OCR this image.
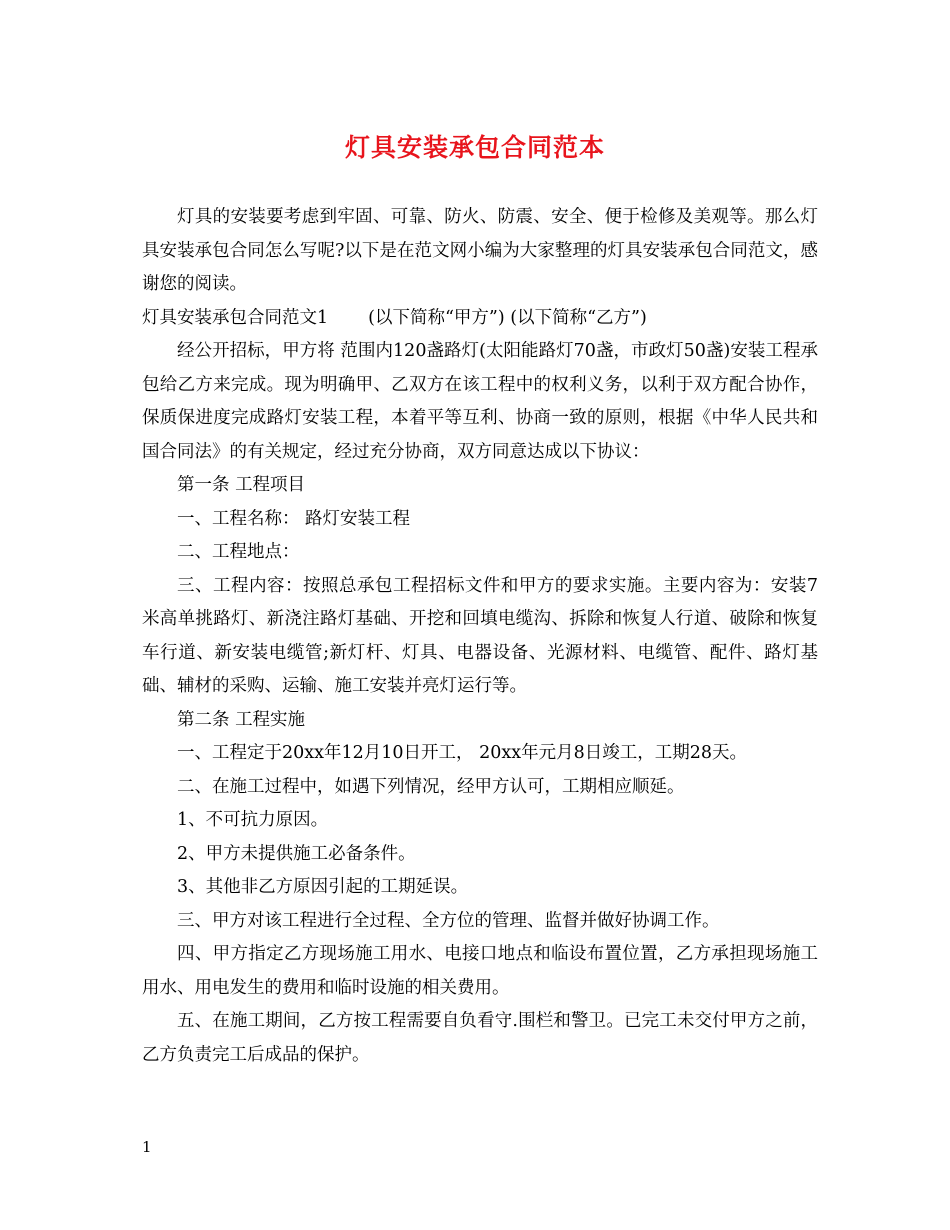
灯具安装承包合同范本

灯具的安装要考虑到牢固、可靠、防火、防震、安全、便于检修及美观等。那么灯具安装承包合同怎么写呢?以下是在范文网小编为大家整理的灯具安装承包合同范文，感谢您的阅读。

灯具安装承包合同范文1 (以下简称“甲方”) (以下简称“乙方”)

经公开招标，甲方将 范围内120盏路灯(太阳能路灯70盏，市政灯50盏)安装工程承包给乙方来完成。现为明确甲、乙双方在该工程中的权利义务，以利于双方配合协作，保质保进度完成路灯安装工程，本着平等互利、协商一致的原则，根据《中华人民共和国合同法》的有关规定，经过充分协商，双方同意达成以下协议：

第一条 工程项目

一、工程名称： 路灯安装工程

二、工程地点：

三、工程内容：按照总承包工程招标文件和甲方的要求实施。主要内容为：安装7米高单挑路灯、新浇注路灯基础、开挖和回填电缆沟、拆除和恢复人行道、破除和恢复车行道、新安装电缆管;新灯杆、灯具、电器设备、光源材料、电缆管、配件、路灯基础、辅材的采购、运输、施工安装并亮灯运行等。

第二条 工程实施

一、工程定于20xx年12月10日开工， 20xx年元月8日竣工，工期28天。

二、在施工过程中，如遇下列情况，经甲方认可，工期相应顺延。

1、不可抗力原因。

2、甲方未提供施工必备条件。

3、其他非乙方原因引起的工期延误。

三、甲方对该工程进行全过程、全方位的管理、监督并做好协调工作。

四、甲方指定乙方现场施工用水、电接口地点和临设布置位置，乙方承担现场施工用水、用电发生的费用和临时设施的相关费用。

五、在施工期间，乙方按工程需要自负看守.围栏和警卫。已完工未交付甲方之前，乙方负责完工后成品的保护。

1
